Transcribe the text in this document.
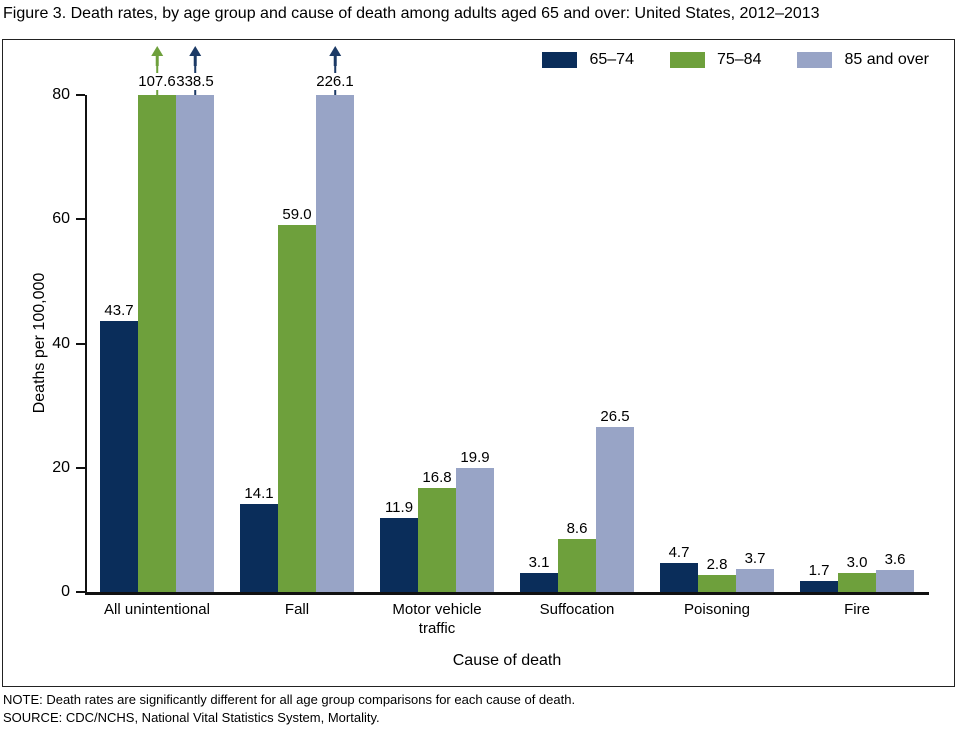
Figure 3. Death rates, by age group and cause of death among adults aged 65 and over: United States, 2012–2013
65–74	75–84	85 and over
Deaths per 100,000
Cause of death
0
20
40
60
80
43.7
107.6 338.5
All unintentional
14.1
59.0
226.1
Fall
11.9
16.8
19.9
Motor vehicle
traffic
3.1
8.6
26.5
Suffocation
4.7
2.8 3.7
Poisoning
1.7 3.0 3.6
Fire
NOTE: Death rates are significantly different for all age group comparisons for each cause of death.
SOURCE: CDC/NCHS, National Vital Statistics System, Mortality.
